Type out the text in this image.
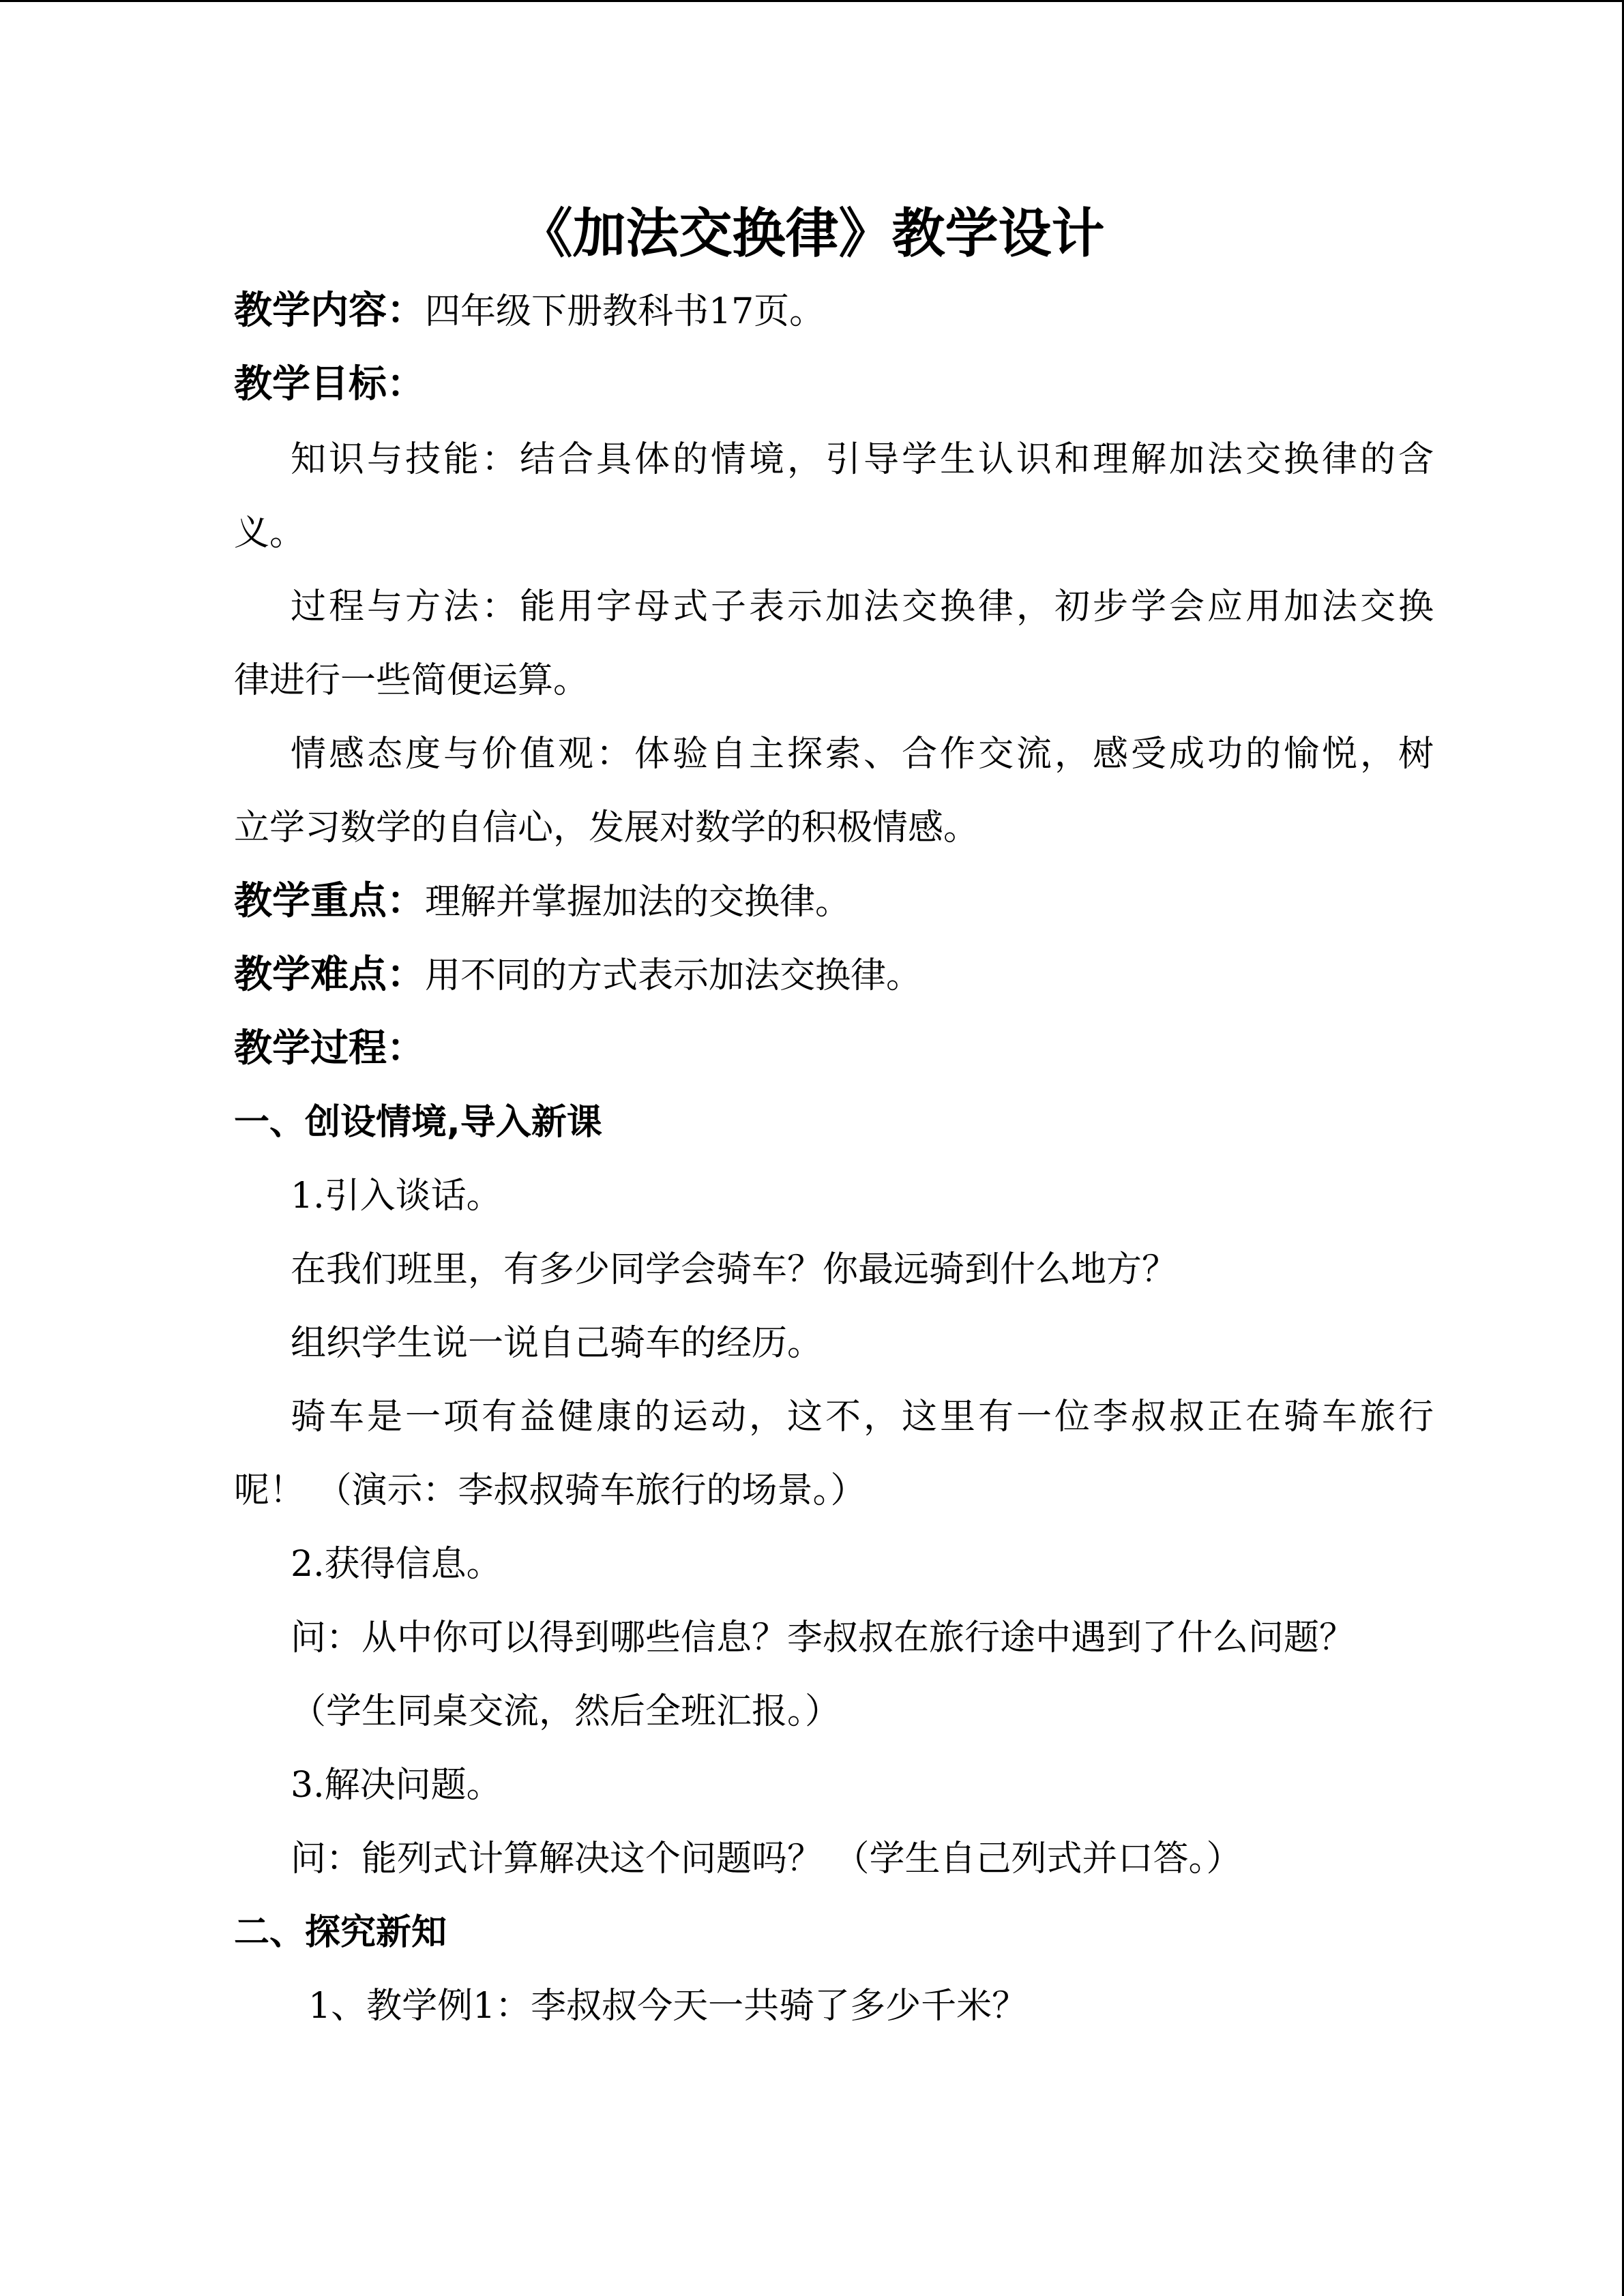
《加法交换律》教学设计
教学内容：四年级下册教科书17页。
教学目标：
知识与技能：结合具体的情境，引导学生认识和理解加法交换律的含
义。
过程与方法：能用字母式子表示加法交换律，初步学会应用加法交换
律进行一些简便运算。
情感态度与价值观：体验自主探索、合作交流，感受成功的愉悦，树
立学习数学的自信心，发展对数学的积极情感。
教学重点：理解并掌握加法的交换律。
教学难点：用不同的方式表示加法交换律。
教学过程：
一、创设情境,导入新课
1.引入谈话。
在我们班里，有多少同学会骑车？你最远骑到什么地方？
组织学生说一说自己骑车的经历。
骑车是一项有益健康的运动，这不，这里有一位李叔叔正在骑车旅行
呢！ （演示：李叔叔骑车旅行的场景。）
2.获得信息。
问：从中你可以得到哪些信息？李叔叔在旅行途中遇到了什么问题？
（学生同桌交流，然后全班汇报。）
3.解决问题。
问：能列式计算解决这个问题吗？ （学生自己列式并口答。）
二、探究新知
1、教学例1：李叔叔今天一共骑了多少千米？
